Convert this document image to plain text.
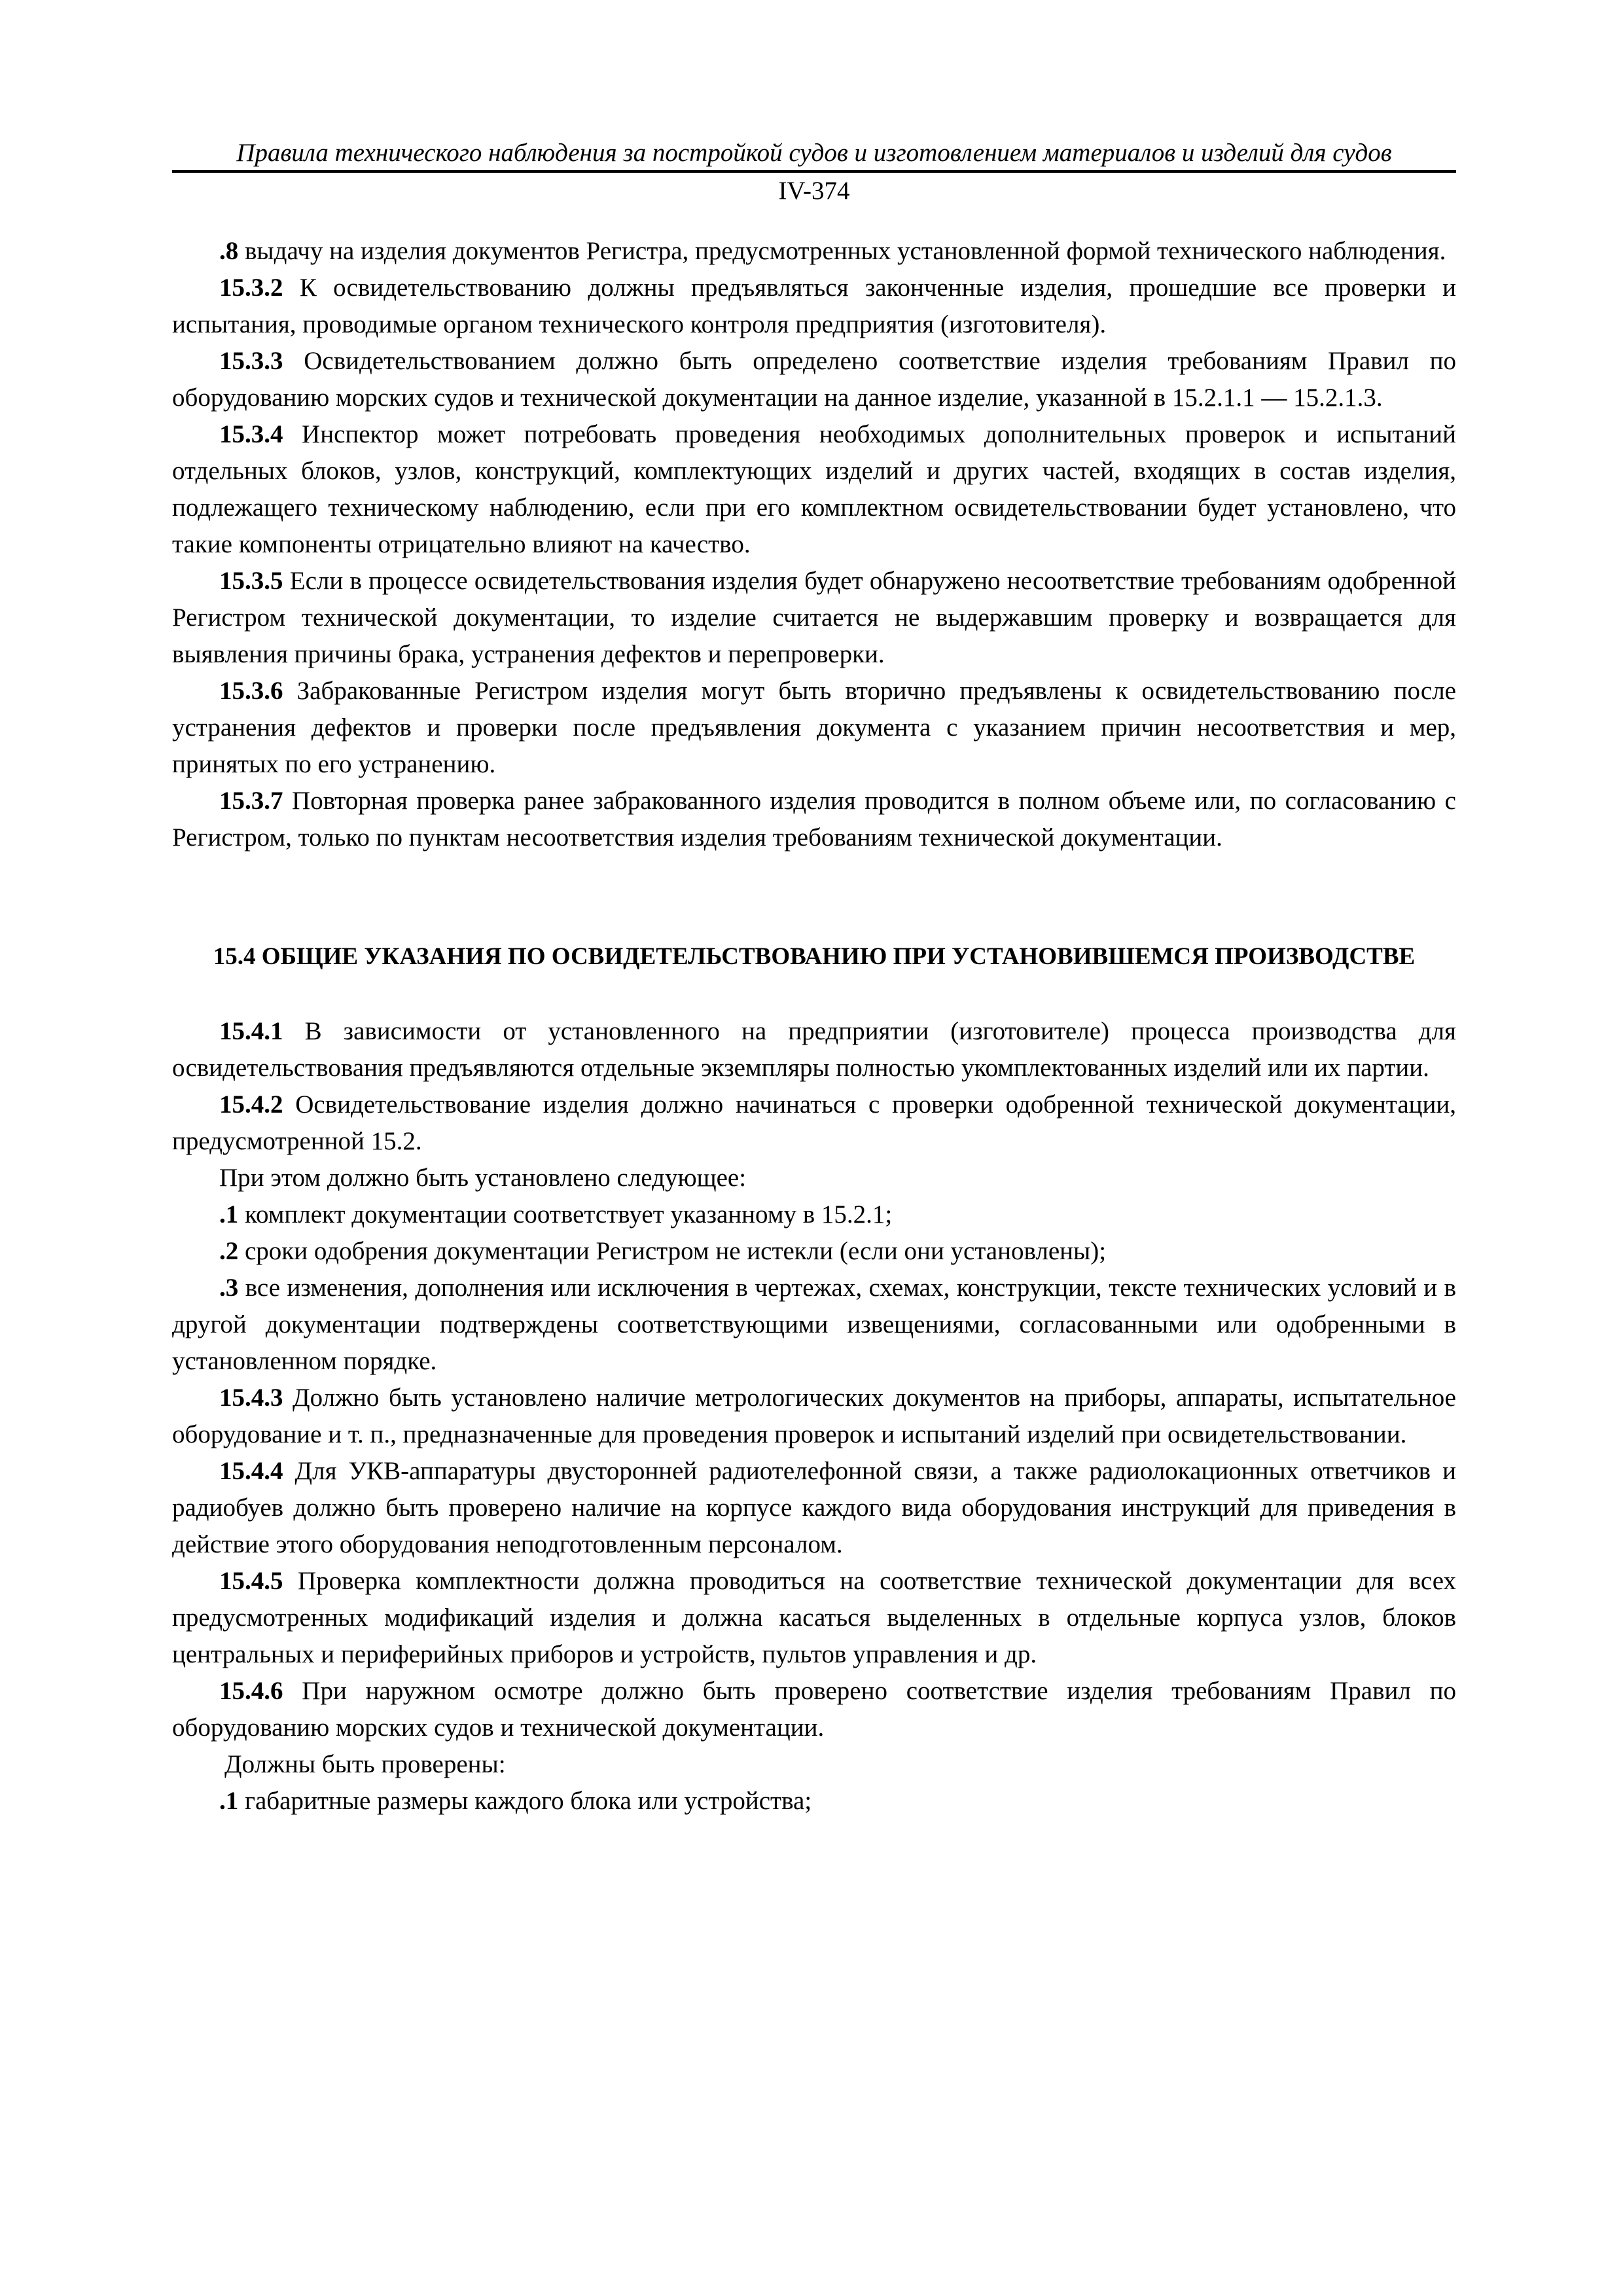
Правила технического наблюдения за постройкой судов и изготовлением материалов и изделий для судов
IV-374

.8 выдачу на изделия документов Регистра, предусмотренных установленной формой технического наблюдения.

15.3.2 К освидетельствованию должны предъявляться законченные изделия, прошедшие все проверки и испытания, проводимые органом технического контроля предприятия (изготовителя).

15.3.3 Освидетельствованием должно быть определено соответствие изделия требованиям Правил по оборудованию морских судов и технической документации на данное изделие, указанной в 15.2.1.1 — 15.2.1.3.

15.3.4 Инспектор может потребовать проведения необходимых дополнительных проверок и испытаний отдельных блоков, узлов, конструкций, комплектующих изделий и других частей, входящих в состав изделия, подлежащего техническому наблюдению, если при его комплектном освидетельствовании будет установлено, что такие компоненты отрицательно влияют на качество.

15.3.5 Если в процессе освидетельствования изделия будет обнаружено несоответствие требованиям одобренной Регистром технической документации, то изделие считается не выдержавшим проверку и возвращается для выявления причины брака, устранения дефектов и перепроверки.

15.3.6 Забракованные Регистром изделия могут быть вторично предъявлены к освидетельствованию после устранения дефектов и проверки после предъявления документа с указанием причин несоответствия и мер, принятых по его устранению.

15.3.7 Повторная проверка ранее забракованного изделия проводится в полном объеме или, по согласованию с Регистром, только по пунктам несоответствия изделия требованиям технической документации.

15.4 ОБЩИЕ УКАЗАНИЯ ПО ОСВИДЕТЕЛЬСТВОВАНИЮ ПРИ УСТАНОВИВШЕМСЯ ПРОИЗВОДСТВЕ

15.4.1 В зависимости от установленного на предприятии (изготовителе) процесса производства для освидетельствования предъявляются отдельные экземпляры полностью укомплектованных изделий или их партии.

15.4.2 Освидетельствование изделия должно начинаться с проверки одобренной технической документации, предусмотренной 15.2.

При этом должно быть установлено следующее:

.1 комплект документации соответствует указанному в 15.2.1;

.2 сроки одобрения документации Регистром не истекли (если они установлены);

.3 все изменения, дополнения или исключения в чертежах, схемах, конструкции, тексте технических условий и в другой документации подтверждены соответствующими извещениями, согласованными или одобренными в установленном порядке.

15.4.3 Должно быть установлено наличие метрологических документов на приборы, аппараты, испытательное оборудование и т. п., предназначенные для проведения проверок и испытаний изделий при освидетельствовании.

15.4.4 Для УКВ-аппаратуры двусторонней радиотелефонной связи, а также радиолокационных ответчиков и радиобуев должно быть проверено наличие на корпусе каждого вида оборудования инструкций для приведения в действие этого оборудования неподготовленным персоналом.

15.4.5 Проверка комплектности должна проводиться на соответствие технической документации для всех предусмотренных модификаций изделия и должна касаться выделенных в отдельные корпуса узлов, блоков центральных и периферийных приборов и устройств, пультов управления и др.

15.4.6 При наружном осмотре должно быть проверено соответствие изделия требованиям Правил по оборудованию морских судов и технической документации.

Должны быть проверены:

.1 габаритные размеры каждого блока или устройства;
